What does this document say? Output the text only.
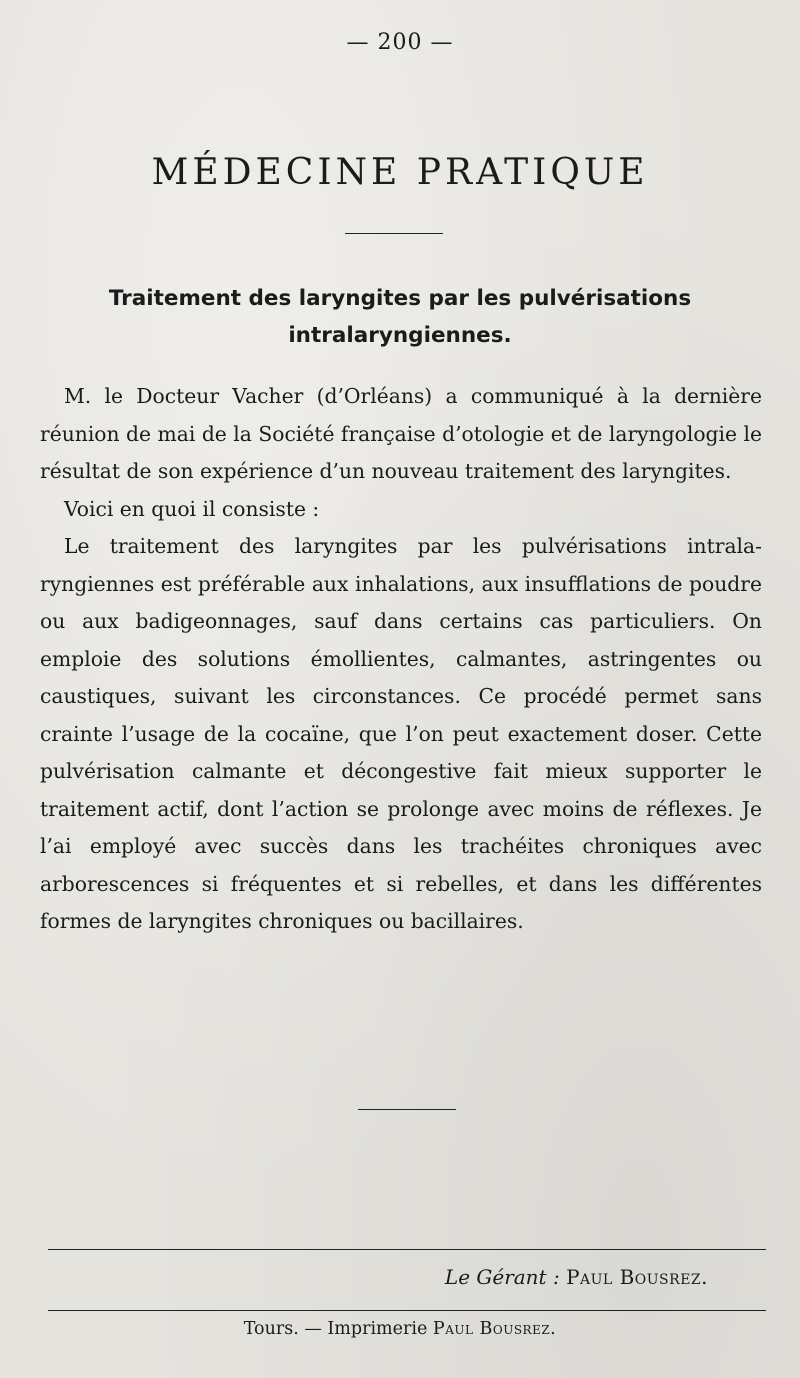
— 200 —
MÉDECINE PRATIQUE
Traitement des laryngites par les pulvérisations intralaryngiennes.

M. le Docteur Vacher (d’Orléans) a communiqué à la dernière réunion de mai de la Société française d’otologie et de laryngologie le résultat de son expérience d’un nouveau traitement des laryngites.

Voici en quoi il consiste :

Le traitement des laryngites par les pulvérisations intralaryngiennes est préférable aux inhalations, aux insufflations de poudre ou aux badigeonnages, sauf dans certains cas particuliers. On emploie des solutions émollientes, calmantes, astringentes ou caustiques, suivant les circonstances. Ce procédé permet sans crainte l’usage de la cocaïne, que l’on peut exactement doser. Cette pulvérisation calmante et décongestive fait mieux supporter le traitement actif, dont l’action se prolonge avec moins de réflexes. Je l’ai employé avec succès dans les trachéites chroniques avec arborescences si fréquentes et si rebelles, et dans les différentes formes de laryngites chroniques ou bacillaires.

Le Gérant : Paul Bousrez.
Tours. — Imprimerie Paul Bousrez.
